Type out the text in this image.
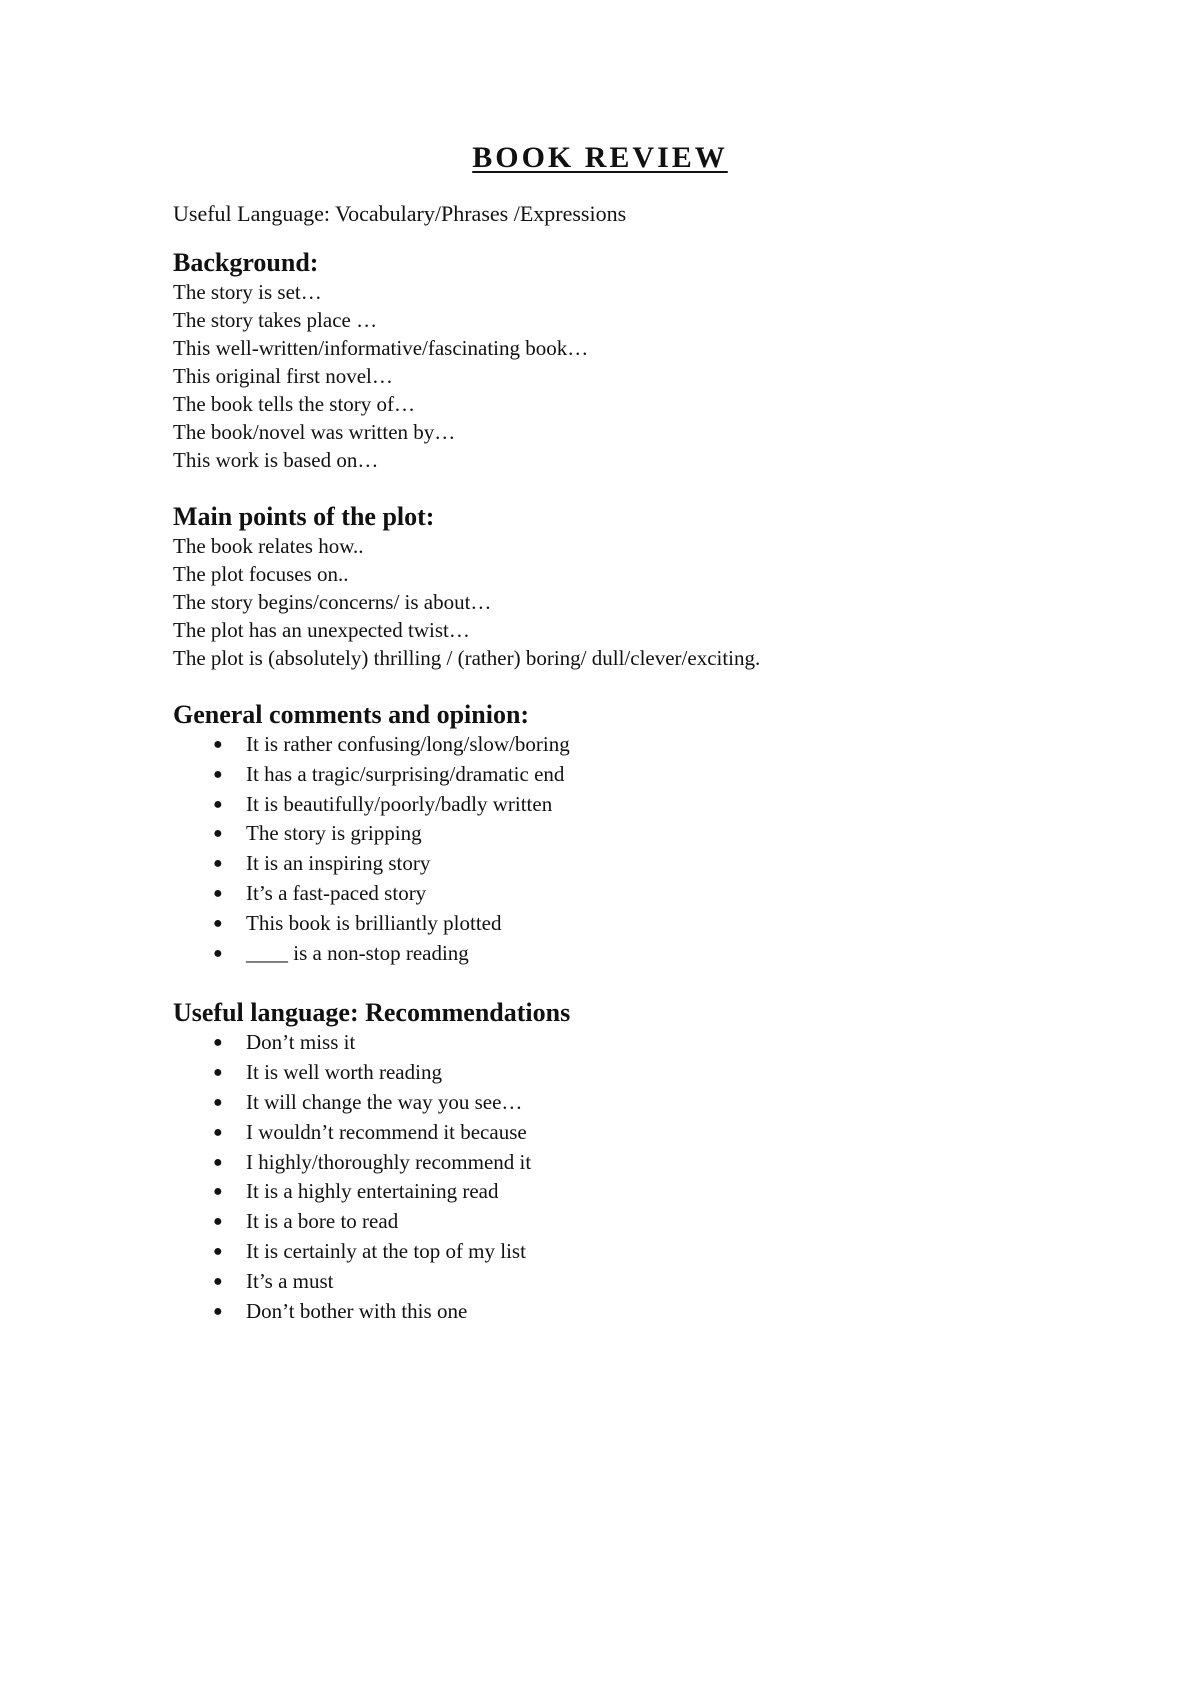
BOOK REVIEW

Useful Language: Vocabulary/Phrases /Expressions

Background:
The story is set…
The story takes place …
This well-written/informative/fascinating book…
This original first novel…
The book tells the story of…
The book/novel was written by…
This work is based on…
Main points of the plot:
The book relates how..
The plot focuses on..
The story begins/concerns/ is about…
The plot has an unexpected twist…
The plot is (absolutely) thrilling / (rather) boring/ dull/clever/exciting.
General comments and opinion:
● It is rather confusing/long/slow/boring
● It has a tragic/surprising/dramatic end
● It is beautifully/poorly/badly written
● The story is gripping
● It is an inspiring story
● It’s a fast-paced story
● This book is brilliantly plotted
● ____ is a non-stop reading
Useful language: Recommendations
● Don’t miss it
● It is well worth reading
● It will change the way you see…
● I wouldn’t recommend it because
● I highly/thoroughly recommend it
● It is a highly entertaining read
● It is a bore to read
● It is certainly at the top of my list
● It’s a must
● Don’t bother with this one
